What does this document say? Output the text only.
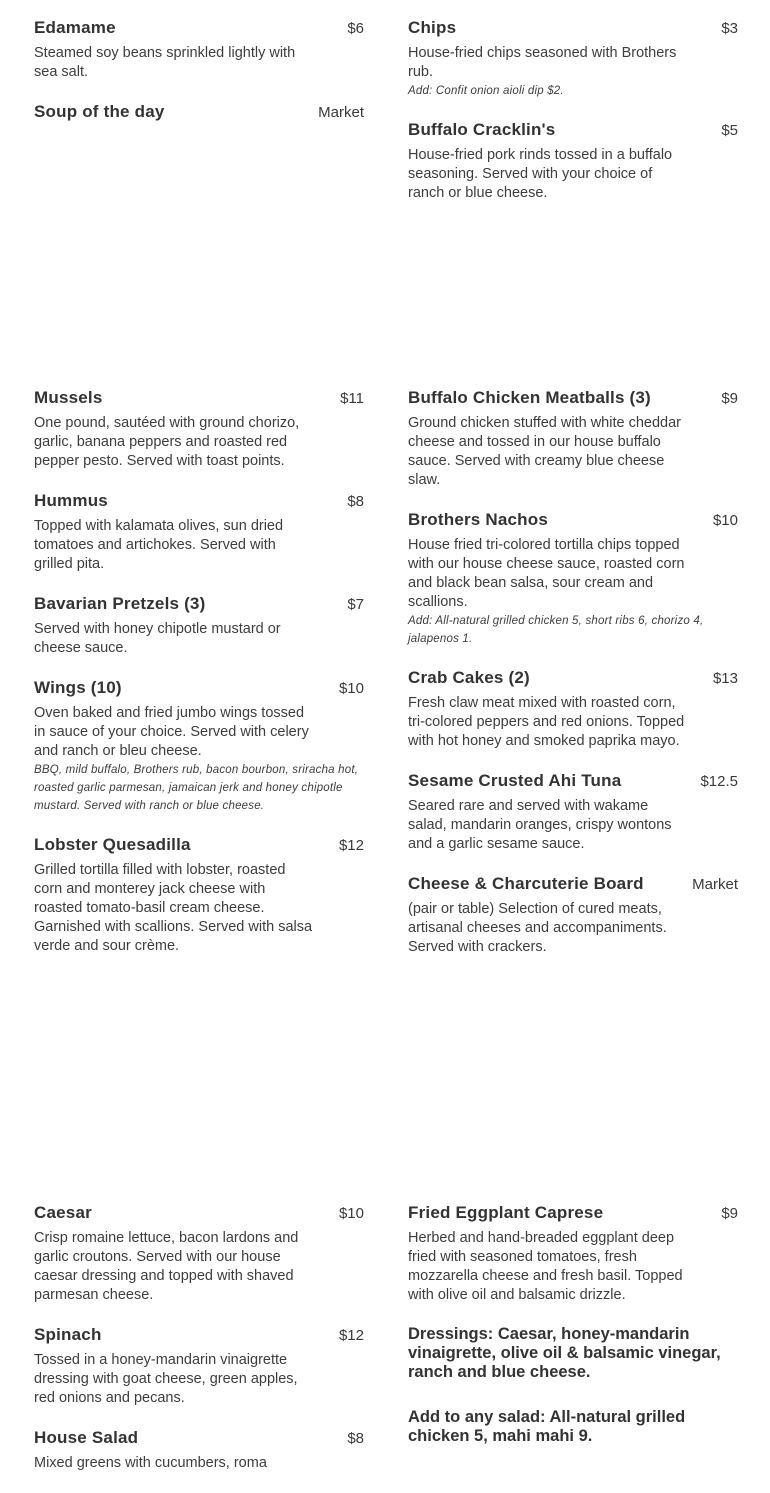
Edamame	$6
Steamed soy beans sprinkled lightly with sea salt.
Soup of the day	Market
Chips	$3
House-fried chips seasoned with Brothers rub.
Add: Confit onion aioli dip $2.
Buffalo Cracklin's	$5
House-fried pork rinds tossed in a buffalo seasoning. Served with your choice of ranch or blue cheese.
Mussels	$11
One pound, sautéed with ground chorizo, garlic, banana peppers and roasted red pepper pesto. Served with toast points.
Hummus	$8
Topped with kalamata olives, sun dried tomatoes and artichokes. Served with grilled pita.
Bavarian Pretzels (3)	$7
Served with honey chipotle mustard or cheese sauce.
Wings (10)	$10
Oven baked and fried jumbo wings tossed in sauce of your choice. Served with celery and ranch or bleu cheese.
BBQ, mild buffalo, Brothers rub, bacon bourbon, sriracha hot, roasted garlic parmesan, jamaican jerk and honey chipotle mustard. Served with ranch or blue cheese.
Lobster Quesadilla	$12
Grilled tortilla filled with lobster, roasted corn and monterey jack cheese with roasted tomato-basil cream cheese. Garnished with scallions. Served with salsa verde and sour crème.
Buffalo Chicken Meatballs (3)	$9
Ground chicken stuffed with white cheddar cheese and tossed in our house buffalo sauce. Served with creamy blue cheese slaw.
Brothers Nachos	$10
House fried tri-colored tortilla chips topped with our house cheese sauce, roasted corn and black bean salsa, sour cream and scallions.
Add: All-natural grilled chicken 5, short ribs 6, chorizo 4, jalapenos 1.
Crab Cakes (2)	$13
Fresh claw meat mixed with roasted corn, tri-colored peppers and red onions. Topped with hot honey and smoked paprika mayo.
Sesame Crusted Ahi Tuna	$12.5
Seared rare and served with wakame salad, mandarin oranges, crispy wontons and a garlic sesame sauce.
Cheese & Charcuterie Board	Market
(pair or table) Selection of cured meats, artisanal cheeses and accompaniments. Served with crackers.
Caesar	$10
Crisp romaine lettuce, bacon lardons and garlic croutons. Served with our house caesar dressing and topped with shaved parmesan cheese.
Spinach	$12
Tossed in a honey-mandarin vinaigrette dressing with goat cheese, green apples, red onions and pecans.
House Salad	$8
Mixed greens with cucumbers, roma
Fried Eggplant Caprese	$9
Herbed and hand-breaded eggplant deep fried with seasoned tomatoes, fresh mozzarella cheese and fresh basil. Topped with olive oil and balsamic drizzle.
Dressings: Caesar, honey-mandarin vinaigrette, olive oil & balsamic vinegar, ranch and blue cheese.
Add to any salad: All-natural grilled chicken 5, mahi mahi 9.
